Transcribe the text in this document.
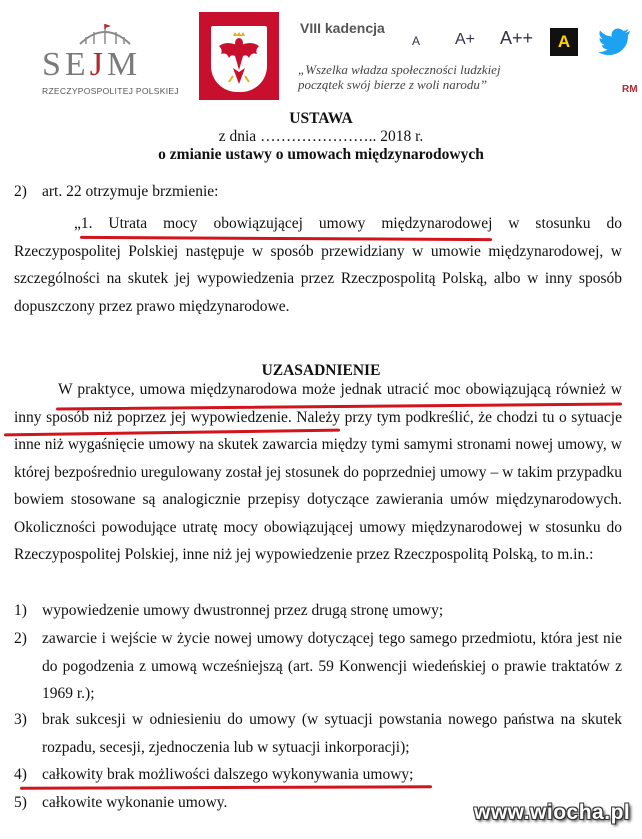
SEJM
RZECZYPOSPOLITEJ POLSKIEJ
VIII kadencja
A A+ A++	A
„Wszelka władza społeczności ludzkiej
początek swój bierze z woli narodu”	RM
USTAWA
z dnia ………………….. 2018 r.
o zmianie ustawy o umowach międzynarodowych
2) art. 22 otrzymuje brzmienie:
„1. Utrata mocy obowiązującej umowy międzynarodowej w stosunku do Rzeczypospolitej Polskiej następuje w sposób przewidziany w umowie międzynarodowej, w szczególności na skutek jej wypowiedzenia przez Rzeczpospolitą Polską, albo w inny sposób dopuszczony przez prawo międzynarodowe.
UZASADNIENIE
W praktyce, umowa międzynarodowa może jednak utracić moc obowiązującą również w inny sposób niż poprzez jej wypowiedzenie. Należy przy tym podkreślić, że chodzi tu o sytuacje inne niż wygaśnięcie umowy na skutek zawarcia między tymi samymi stronami nowej umowy, w której bezpośrednio uregulowany został jej stosunek do poprzedniej umowy – w takim przypadku bowiem stosowane są analogicznie przepisy dotyczące zawierania umów międzynarodowych. Okoliczności powodujące utratę mocy obowiązującej umowy międzynarodowej w stosunku do Rzeczypospolitej Polskiej, inne niż jej wypowiedzenie przez Rzeczpospolitą Polską, to m.in.:
1) wypowiedzenie umowy dwustronnej przez drugą stronę umowy;
2) zawarcie i wejście w życie nowej umowy dotyczącej tego samego przedmiotu, która jest nie do pogodzenia z umową wcześniejszą (art. 59 Konwencji wiedeńskiej o prawie traktatów z 1969 r.);
3) brak sukcesji w odniesieniu do umowy (w sytuacji powstania nowego państwa na skutek rozpadu, secesji, zjednoczenia lub w sytuacji inkorporacji);
4) całkowity brak możliwości dalszego wykonywania umowy;
5) całkowite wykonanie umowy.	www.wiocha.pl
